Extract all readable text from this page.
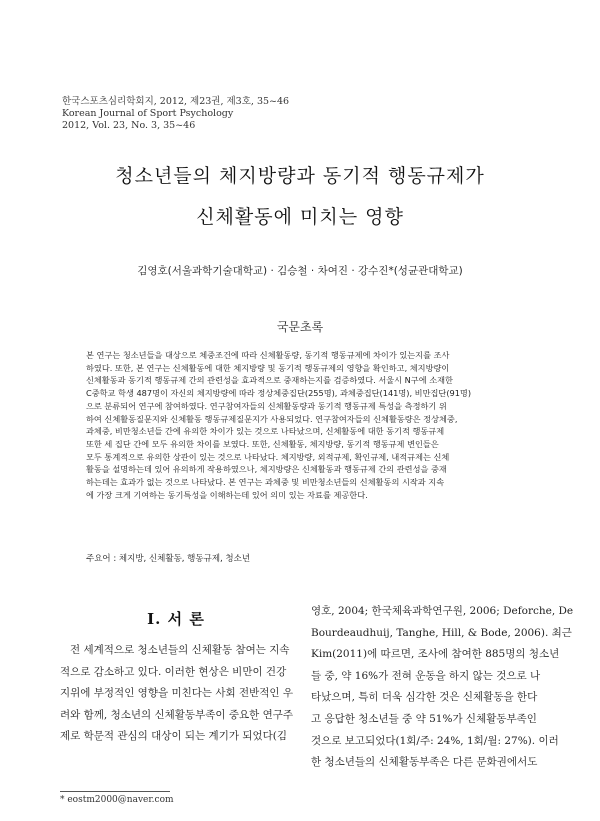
한국스포츠심리학회지, 2012, 제23권, 제3호, 35~46
Korean Journal of Sport Psychology
2012, Vol. 23, No. 3, 35~46
청소년들의 체지방량과 동기적 행동규제가
신체활동에 미치는 영향
김영호(서울과학기술대학교) · 김승철 · 차여진 · 강수진*(성균관대학교)
국문초록
본 연구는 청소년들을 대상으로 체중조건에 따라 신체활동량, 동기적 행동규제에 차이가 있는지를 조사
하였다. 또한, 본 연구는 신체활동에 대한 체지방량 및 동기적 행동규제의 영향을 확인하고, 체지방량이
신체활동과 동기적 행동규제 간의 관련성을 효과적으로 중재하는지를 검증하였다. 서울시 N구에 소재한
C중학교 학생 487명이 자신의 체지방량에 따라 정상체중집단(255명), 과체중집단(141명), 비만집단(91명)
으로 분류되어 연구에 참여하였다. 연구참여자들의 신체활동량과 동기적 행동규제 특성을 측정하기 위
하여 신체활동질문지와 신체활동 행동규제질문지가 사용되었다. 연구참여자들의 신체활동량은 정상체중,
과체중, 비만청소년들 간에 유의한 차이가 있는 것으로 나타났으며, 신체활동에 대한 동기적 행동규제
또한 세 집단 간에 모두 유의한 차이를 보였다. 또한, 신체활동, 체지방량, 동기적 행동규제 변인들은
모두 통계적으로 유의한 상관이 있는 것으로 나타났다. 체지방량, 외적규제, 확인규제, 내적규제는 신체
활동을 설명하는데 있어 유의하게 작용하였으나, 체지방량은 신체활동과 행동규제 간의 관련성을 중재
하는데는 효과가 없는 것으로 나타났다. 본 연구는 과체중 및 비만청소년들의 신체활동의 시작과 지속
에 가장 크게 기여하는 동기특성을 이해하는데 있어 의미 있는 자료를 제공한다.
주요어 : 체지방, 신체활동, 행동규제, 청소년
I. 서 론
전 세계적으로 청소년들의 신체활동 참여는 지속
적으로 감소하고 있다. 이러한 현상은 비만이 건강
지위에 부정적인 영향을 미친다는 사회 전반적인 우
려와 함께, 청소년의 신체활동부족이 중요한 연구주
제로 학문적 관심의 대상이 되는 계기가 되었다(김
영호, 2004; 한국체육과학연구원, 2006; Deforche, De
Bourdeaudhuij, Tanghe, Hill, & Bode, 2006). 최근
Kim(2011)에 따르면, 조사에 참여한 885명의 청소년
들 중, 약 16%가 전혀 운동을 하지 않는 것으로 나
타났으며, 특히 더욱 심각한 것은 신체활동을 한다
고 응답한 청소년들 중 약 51%가 신체활동부족인
것으로 보고되었다(1회/주: 24%, 1회/월: 27%). 이러
한 청소년들의 신체활동부족은 다른 문화권에서도
* eostm2000@naver.com
